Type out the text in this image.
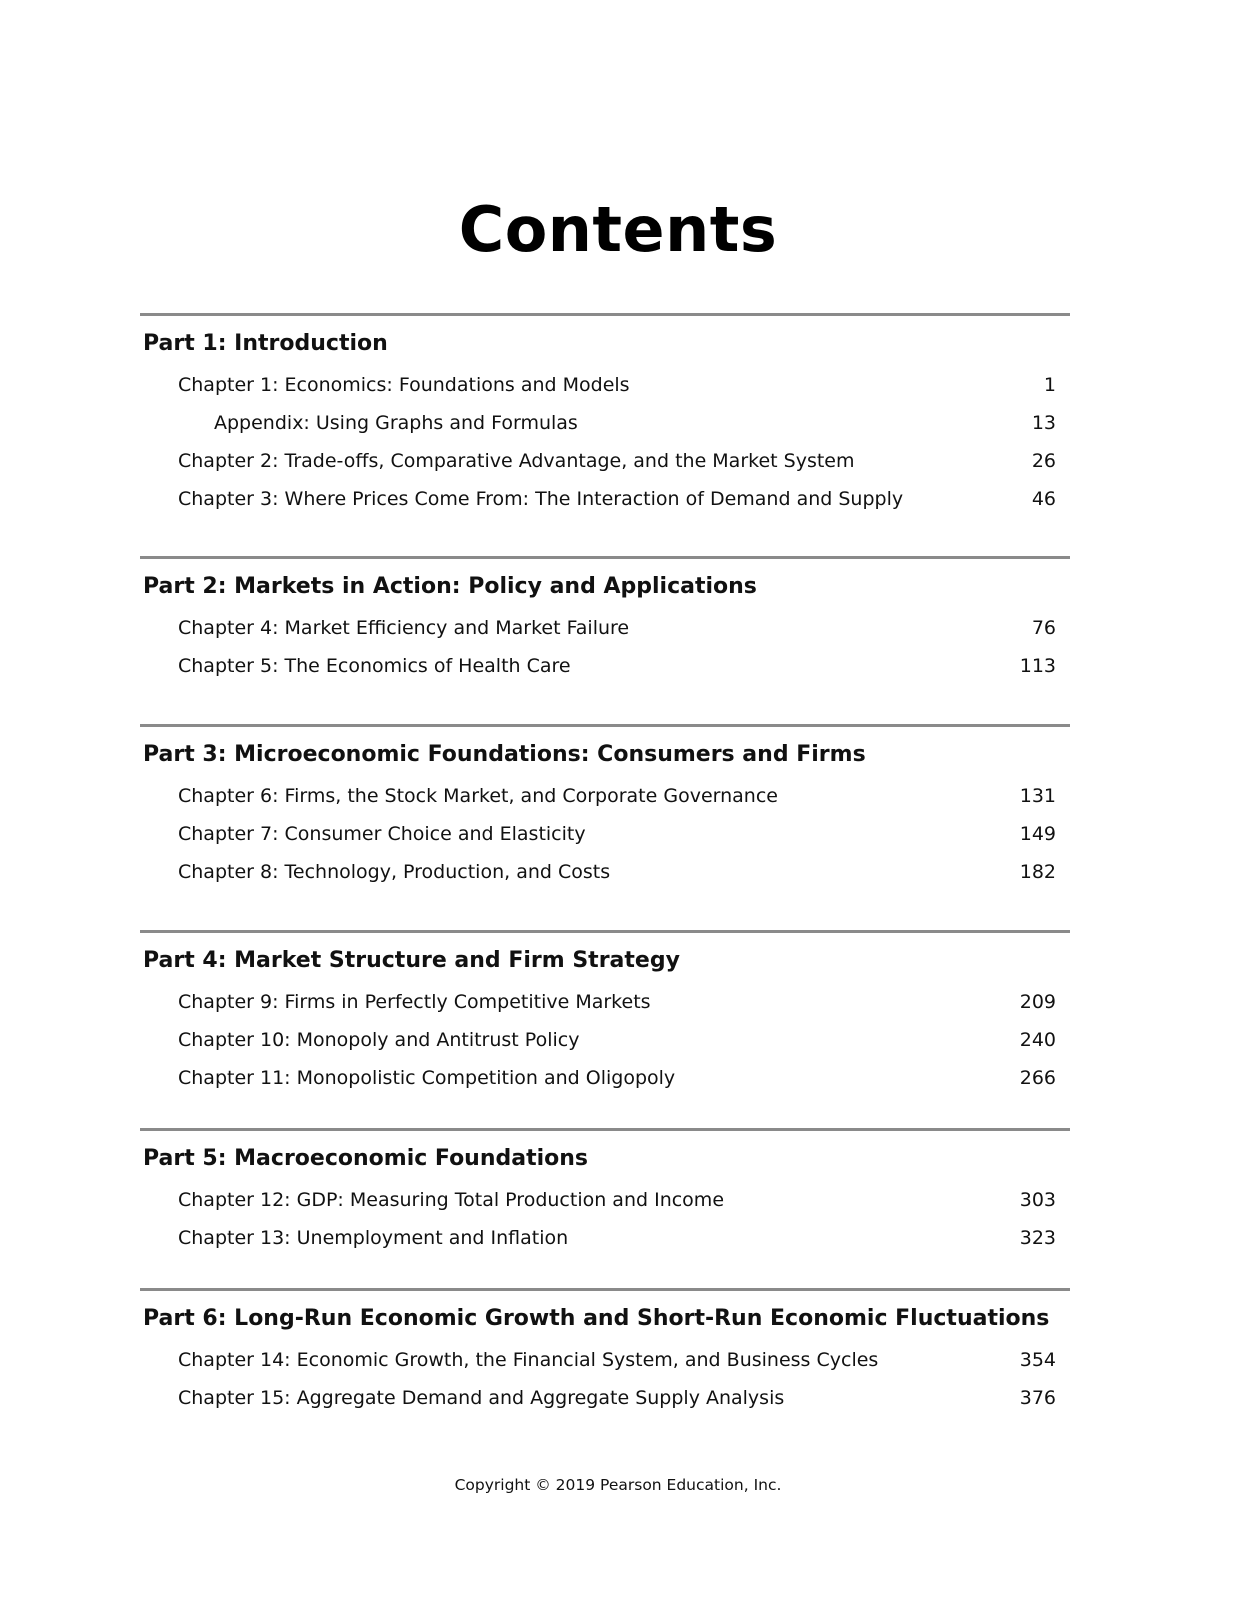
Contents
Part 1: Introduction
Chapter 1: Economics: Foundations and Models	1
Appendix: Using Graphs and Formulas	13
Chapter 2: Trade-offs, Comparative Advantage, and the Market System	26
Chapter 3: Where Prices Come From: The Interaction of Demand and Supply	46
Part 2: Markets in Action: Policy and Applications
Chapter 4: Market Efficiency and Market Failure	76
Chapter 5: The Economics of Health Care	113
Part 3: Microeconomic Foundations: Consumers and Firms
Chapter 6: Firms, the Stock Market, and Corporate Governance	131
Chapter 7: Consumer Choice and Elasticity	149
Chapter 8: Technology, Production, and Costs	182
Part 4: Market Structure and Firm Strategy
Chapter 9: Firms in Perfectly Competitive Markets	209
Chapter 10: Monopoly and Antitrust Policy	240
Chapter 11: Monopolistic Competition and Oligopoly	266
Part 5: Macroeconomic Foundations
Chapter 12: GDP: Measuring Total Production and Income	303
Chapter 13: Unemployment and Inflation	323
Part 6: Long-Run Economic Growth and Short-Run Economic Fluctuations
Chapter 14: Economic Growth, the Financial System, and Business Cycles	354
Chapter 15: Aggregate Demand and Aggregate Supply Analysis	376
Copyright © 2019 Pearson Education, Inc.
